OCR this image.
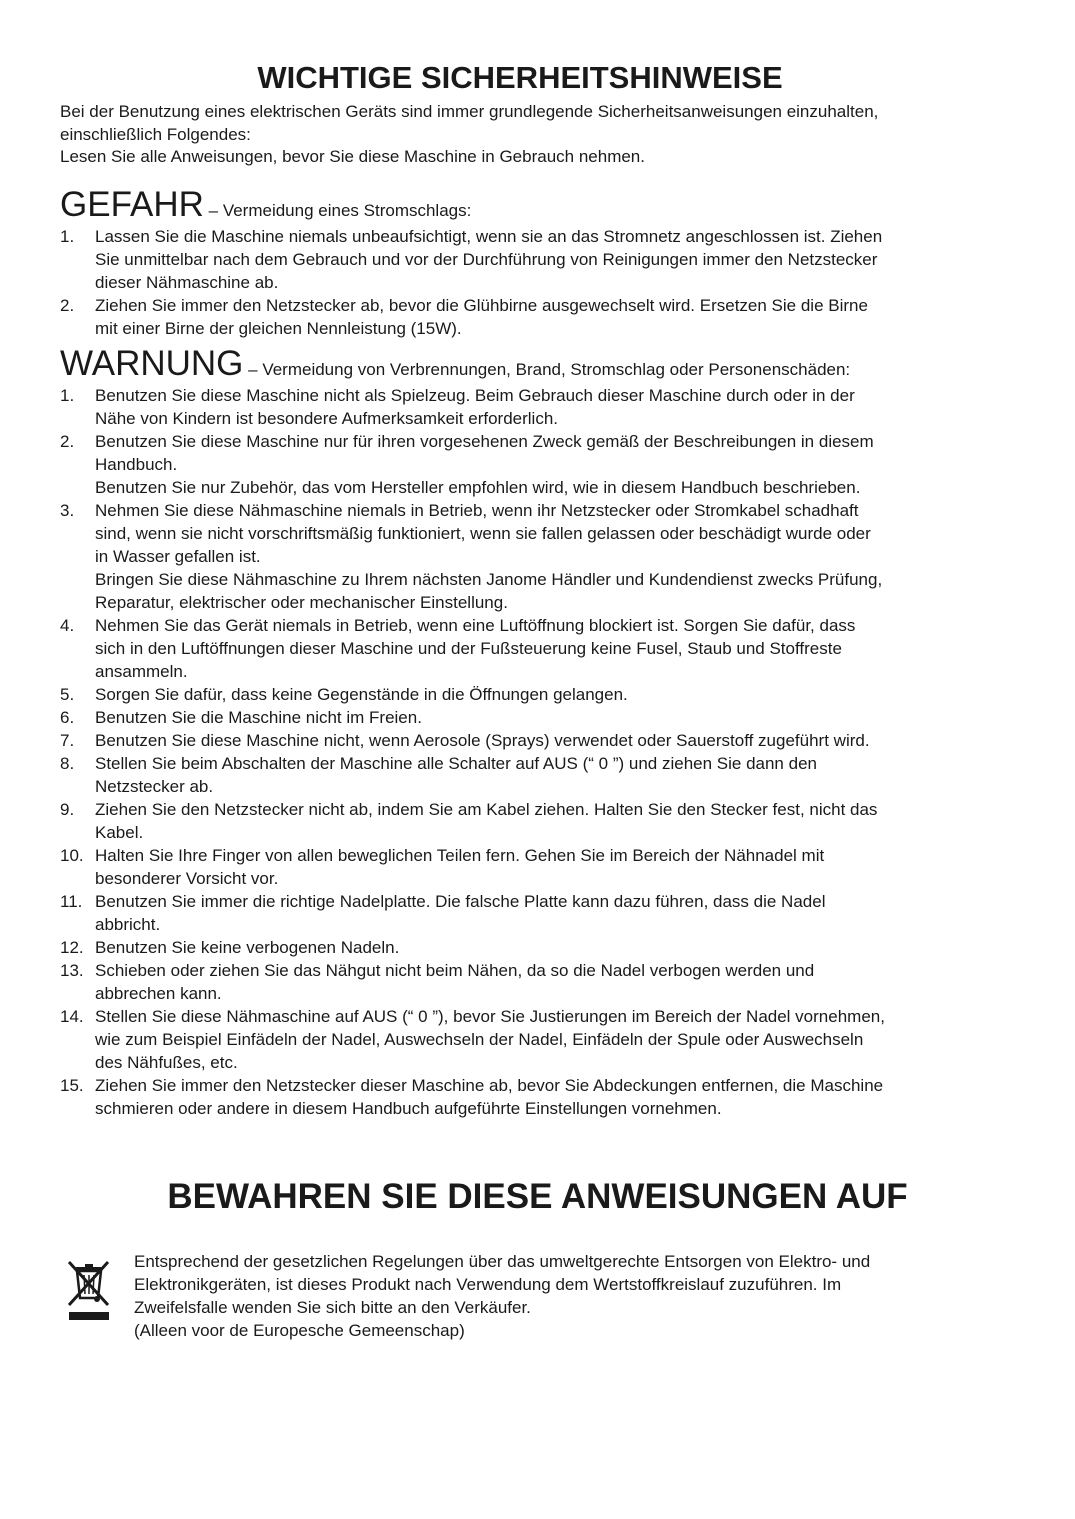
WICHTIGE SICHERHEITSHINWEISE

Bei der Benutzung eines elektrischen Geräts sind immer grundlegende Sicherheitsanweisungen einzuhalten,

einschließlich Folgendes:

Lesen Sie alle Anweisungen, bevor Sie diese Maschine in Gebrauch nehmen.

GEFAHR – Vermeidung eines Stromschlags:
1.	Lassen Sie die Maschine niemals unbeaufsichtigt, wenn sie an das Stromnetz angeschlossen ist. Ziehen
Sie unmittelbar nach dem Gebrauch und vor der Durchführung von Reinigungen immer den Netzstecker
dieser Nähmaschine ab.
2.	Ziehen Sie immer den Netzstecker ab, bevor die Glühbirne ausgewechselt wird. Ersetzen Sie die Birne
mit einer Birne der gleichen Nennleistung (15W).
WARNUNG – Vermeidung von Verbrennungen, Brand, Stromschlag oder Personenschäden:
1.	Benutzen Sie diese Maschine nicht als Spielzeug. Beim Gebrauch dieser Maschine durch oder in der
Nähe von Kindern ist besondere Aufmerksamkeit erforderlich.
2.	Benutzen Sie diese Maschine nur für ihren vorgesehenen Zweck gemäß der Beschreibungen in diesem
Handbuch.
Benutzen Sie nur Zubehör, das vom Hersteller empfohlen wird, wie in diesem Handbuch beschrieben.
3.	Nehmen Sie diese Nähmaschine niemals in Betrieb, wenn ihr Netzstecker oder Stromkabel schadhaft
sind, wenn sie nicht vorschriftsmäßig funktioniert, wenn sie fallen gelassen oder beschädigt wurde oder
in Wasser gefallen ist.
Bringen Sie diese Nähmaschine zu Ihrem nächsten Janome Händler und Kundendienst zwecks Prüfung,
Reparatur, elektrischer oder mechanischer Einstellung.
4.	Nehmen Sie das Gerät niemals in Betrieb, wenn eine Luftöffnung blockiert ist. Sorgen Sie dafür, dass
sich in den Luftöffnungen dieser Maschine und der Fußsteuerung keine Fusel, Staub und Stoffreste
ansammeln.
5.	Sorgen Sie dafür, dass keine Gegenstände in die Öffnungen gelangen.
6.	Benutzen Sie die Maschine nicht im Freien.
7.	Benutzen Sie diese Maschine nicht, wenn Aerosole (Sprays) verwendet oder Sauerstoff zugeführt wird.
8.	Stellen Sie beim Abschalten der Maschine alle Schalter auf AUS (“ 0 ”) und ziehen Sie dann den
Netzstecker ab.
9.	Ziehen Sie den Netzstecker nicht ab, indem Sie am Kabel ziehen. Halten Sie den Stecker fest, nicht das
Kabel.
10. Halten Sie Ihre Finger von allen beweglichen Teilen fern. Gehen Sie im Bereich der Nähnadel mit
besonderer Vorsicht vor.
11. Benutzen Sie immer die richtige Nadelplatte. Die falsche Platte kann dazu führen, dass die Nadel
abbricht.
12. Benutzen Sie keine verbogenen Nadeln.
13. Schieben oder ziehen Sie das Nähgut nicht beim Nähen, da so die Nadel verbogen werden und
abbrechen kann.
14. Stellen Sie diese Nähmaschine auf AUS (“ 0 ”), bevor Sie Justierungen im Bereich der Nadel vornehmen,
wie zum Beispiel Einfädeln der Nadel, Auswechseln der Nadel, Einfädeln der Spule oder Auswechseln
des Nähfußes, etc.
15. Ziehen Sie immer den Netzstecker dieser Maschine ab, bevor Sie Abdeckungen entfernen, die Maschine
schmieren oder andere in diesem Handbuch aufgeführte Einstellungen vornehmen.
BEWAHREN SIE DIESE ANWEISUNGEN AUF

Entsprechend der gesetzlichen Regelungen über das umweltgerechte Entsorgen von Elektro- und

Elektronikgeräten, ist dieses Produkt nach Verwendung dem Wertstoffkreislauf zuzuführen. Im

Zweifelsfalle wenden Sie sich bitte an den Verkäufer.

(Alleen voor de Europesche Gemeenschap)
